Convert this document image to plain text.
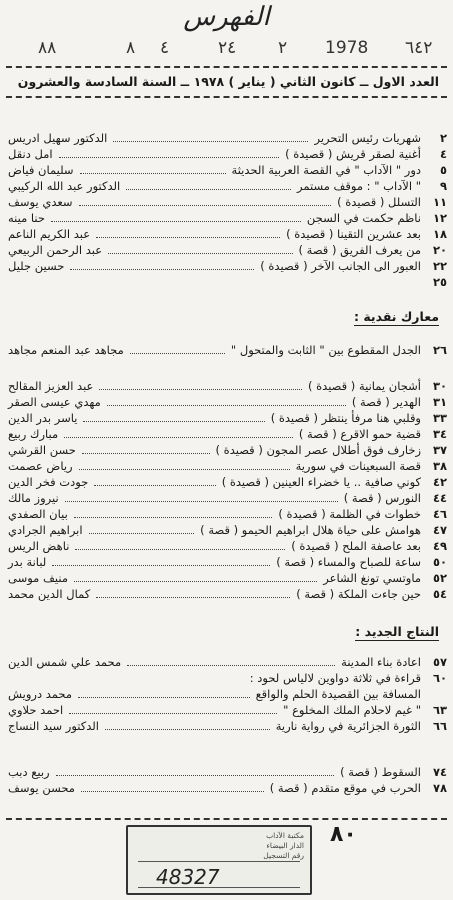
الفهرس
٦٤٢
1978
٢
٢٤
٤
٨
٨٨
العدد الاول ــ كانون الثاني ( يناير ) ١٩٧٨ ــ السنة السادسة والعشرون
٢
شهريات رئيس التحرير
الدكتور سهيل ادريس
٤
أغنية لصقر قريش ( قصيدة )
امل دنقل
٥
دور " الآداب " في القصة العربية الحديثة
سليمان فياض
٩
" الآداب " : موقف مستمر
الدكتور عبد الله الركيبي
١١
التسلل ( قصيدة )
سعدي يوسف
١٢
ناظم حكمت في السجن
حنا مينه
١٨
بعد عشرين التقينا ( قصيدة )
عبد الكريم الناعم
٢٠
من يعرف الفريق ( قصة )
عبد الرحمن الربيعي
٢٢
العبور الى الجانب الآخر ( قصيدة )
حسين جليل
٢٥
معارك نقدية :
٢٦
الجدل المقطوع بين " الثابت والمتحول "
مجاهد عبد المنعم مجاهد
٣٠
أشجان يمانية ( قصيدة )
عبد العزيز المقالح
٣١
الهدير ( قصة )
مهدي عيسى الصقر
٣٣
وقلبي هنا مرفأ ينتظر ( قصيدة )
ياسر بدر الدين
٣٤
قضية حمو الاقرع ( قصة )
مبارك ربيع
٣٧
زخارف فوق أطلال عصر المجون ( قصيدة )
حسن القرشي
٣٨
قصة السبعينات في سورية
رياض عصمت
٤٢
كوني صافية .. يا خضراء العينين ( قصيدة )
جودت فخر الدين
٤٤
النورس ( قصة )
نيروز مالك
٤٦
خطوات في الظلمة ( قصيدة )
بيان الصفدي
٤٧
هوامش على حياة هلال ابراهيم الحيمو ( قصة )
ابراهيم الجرادي
٤٩
بعد عاصفة الملح ( قصيدة )
ناهض الريس
٥٠
ساعة للصباح والمساء ( قصة )
لبانة بدر
٥٢
ماوتسي تونغ الشاعر
منيف موسى
٥٤
حين جاءت الملكة ( قصة )
كمال الدين محمد
النتاج الجديد :
٥٧
اعادة بناء المدينة
محمد علي شمس الدين
٦٠
قراءة في ثلاثة دواوين لالياس لحود :
المسافة بين القصيدة الحلم والواقع
محمد درويش
٦٣
" غيم لاحلام الملك المخلوع "
احمد حلاوي
٦٦
الثورة الجزائرية في رواية نارية
الدكتور سيد النساج
٧٤
السقوط ( قصة )
ربيع دبب
٧٨
الحرب في موقع متقدم ( قصة )
محسن يوسف
٨٠
مكتبة الآداب
الدار البيضاء
رقم التسجيل
48327
